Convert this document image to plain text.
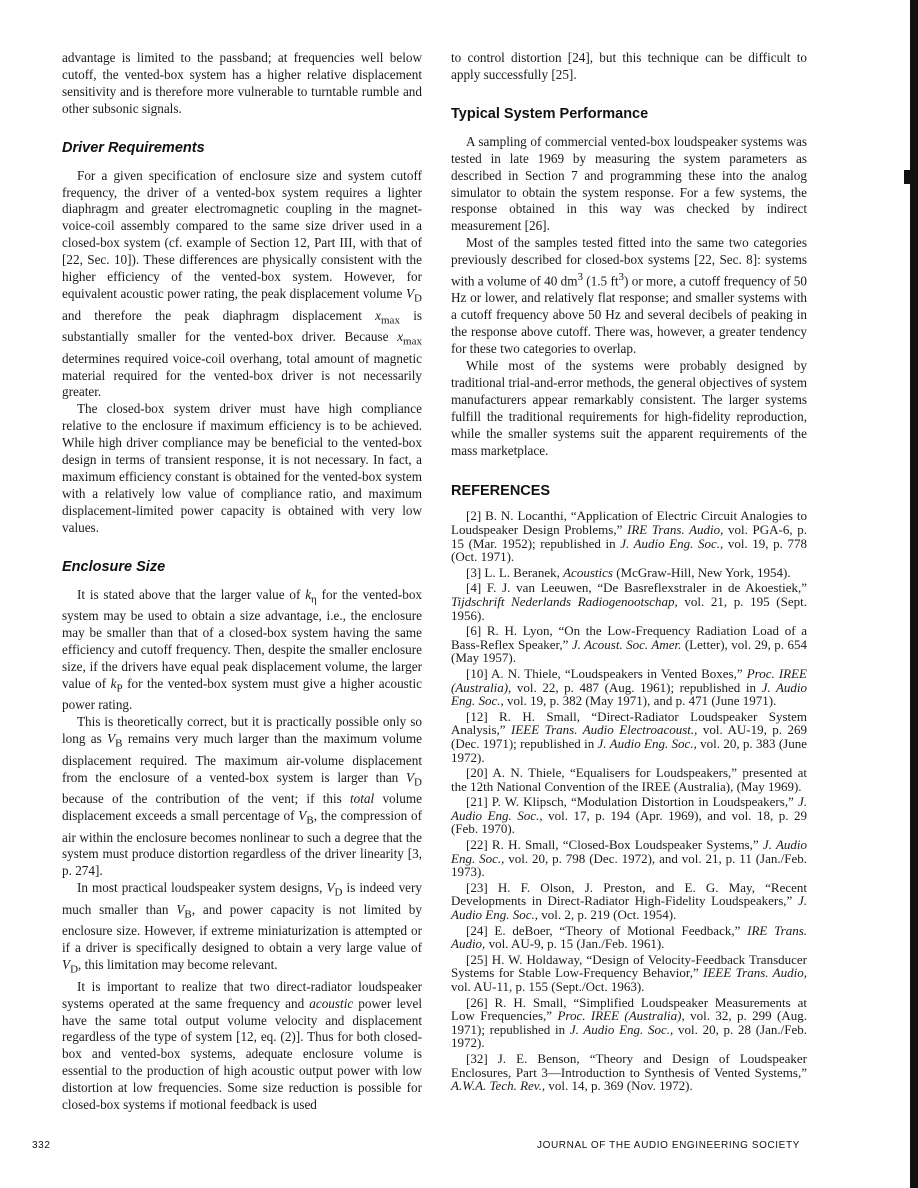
advantage is limited to the passband; at frequencies well below cutoff, the vented-box system has a higher relative displacement sensitivity and is therefore more vulnerable to turntable rumble and other subsonic signals.

Driver Requirements

For a given specification of enclosure size and system cutoff frequency, the driver of a vented-box system requires a lighter diaphragm and greater electromagnetic coupling in the magnet-voice-coil assembly compared to the same size driver used in a closed-box system (cf. example of Section 12, Part III, with that of [22, Sec. 10]). These differences are physically consistent with the higher efficiency of the vented-box system. However, for equivalent acoustic power rating, the peak displacement volume $V_D$ and therefore the peak diaphragm displacement $x_{max}$ is substantially smaller for the vented-box driver. Because $x_{max}$ determines required voice-coil overhang, total amount of magnetic material required for the vented-box driver is not necessarily greater.

The closed-box system driver must have high compliance relative to the enclosure if maximum efficiency is to be achieved. While high driver compliance may be beneficial to the vented-box design in terms of transient response, it is not necessary. In fact, a maximum efficiency constant is obtained for the vented-box system with a relatively low value of compliance ratio, and maximum displacement-limited power capacity is obtained with very low values.

Enclosure Size

It is stated above that the larger value of $k_\eta$ for the vented-box system may be used to obtain a size advantage, i.e., the enclosure may be smaller than that of a closed-box system having the same efficiency and cutoff frequency. Then, despite the smaller enclosure size, if the drivers have equal peak displacement volume, the larger value of $k_P$ for the vented-box system must give a higher acoustic power rating.

This is theoretically correct, but it is practically possible only so long as $V_B$ remains very much larger than the maximum volume displacement required. The maximum air-volume displacement from the enclosure of a vented-box system is larger than $V_D$ because of the contribution of the vent; if this total volume displacement exceeds a small percentage of $V_B$, the compression of air within the enclosure becomes nonlinear to such a degree that the system must produce distortion regardless of the driver linearity [3, p. 274].

In most practical loudspeaker system designs, $V_D$ is indeed very much smaller than $V_B$, and power capacity is not limited by enclosure size. However, if extreme miniaturization is attempted or if a driver is specifically designed to obtain a very large value of $V_D$, this limitation may become relevant.

It is important to realize that two direct-radiator loudspeaker systems operated at the same frequency and acoustic power level have the same total output volume velocity and displacement regardless of the type of system [12, eq. (2)]. Thus for both closed-box and vented-box systems, adequate enclosure volume is essential to the production of high acoustic output power with low distortion at low frequencies. Some size reduction is possible for closed-box systems if motional feedback is used

to control distortion [24], but this technique can be difficult to apply successfully [25].

Typical System Performance

A sampling of commercial vented-box loudspeaker systems was tested in late 1969 by measuring the system parameters as described in Section 7 and programming these into the analog simulator to obtain the system response. For a few systems, the response obtained in this way was checked by indirect measurement [26].

Most of the samples tested fitted into the same two categories previously described for closed-box systems [22, Sec. 8]: systems with a volume of 40 $dm^3$ (1.5 $ft^3$) or more, a cutoff frequency of 50 Hz or lower, and relatively flat response; and smaller systems with a cutoff frequency above 50 Hz and several decibels of peaking in the response above cutoff. There was, however, a greater tendency for these two categories to overlap.

While most of the systems were probably designed by traditional trial-and-error methods, the general objectives of system manufacturers appear remarkably consistent. The larger systems fulfill the traditional requirements for high-fidelity reproduction, while the smaller systems suit the apparent requirements of the mass marketplace.

REFERENCES

[2] B. N. Locanthi, “Application of Electric Circuit Analogies to Loudspeaker Design Problems,” IRE Trans. Audio, vol. PGA-6, p. 15 (Mar. 1952); republished in J. Audio Eng. Soc., vol. 19, p. 778 (Oct. 1971).

[3] L. L. Beranek, Acoustics (McGraw-Hill, New York, 1954).

[4] F. J. van Leeuwen, “De Basreflexstraler in de Akoestiek,” Tijdschrift Nederlands Radiogenootschap, vol. 21, p. 195 (Sept. 1956).

[6] R. H. Lyon, “On the Low-Frequency Radiation Load of a Bass-Reflex Speaker,” J. Acoust. Soc. Amer. (Letter), vol. 29, p. 654 (May 1957).

[10] A. N. Thiele, “Loudspeakers in Vented Boxes,” Proc. IREE (Australia), vol. 22, p. 487 (Aug. 1961); republished in J. Audio Eng. Soc., vol. 19, p. 382 (May 1971), and p. 471 (June 1971).

[12] R. H. Small, “Direct-Radiator Loudspeaker System Analysis,” IEEE Trans. Audio Electroacoust., vol. AU-19, p. 269 (Dec. 1971); republished in J. Audio Eng. Soc., vol. 20, p. 383 (June 1972).

[20] A. N. Thiele, “Equalisers for Loudspeakers,” presented at the 12th National Convention of the IREE (Australia), (May 1969).

[21] P. W. Klipsch, “Modulation Distortion in Loudspeakers,” J. Audio Eng. Soc., vol. 17, p. 194 (Apr. 1969), and vol. 18, p. 29 (Feb. 1970).

[22] R. H. Small, “Closed-Box Loudspeaker Systems,” J. Audio Eng. Soc., vol. 20, p. 798 (Dec. 1972), and vol. 21, p. 11 (Jan./Feb. 1973).

[23] H. F. Olson, J. Preston, and E. G. May, “Recent Developments in Direct-Radiator High-Fidelity Loudspeakers,” J. Audio Eng. Soc., vol. 2, p. 219 (Oct. 1954).

[24] E. deBoer, “Theory of Motional Feedback,” IRE Trans. Audio, vol. AU-9, p. 15 (Jan./Feb. 1961).

[25] H. W. Holdaway, “Design of Velocity-Feedback Transducer Systems for Stable Low-Frequency Behavior,” IEEE Trans. Audio, vol. AU-11, p. 155 (Sept./Oct. 1963).

[26] R. H. Small, “Simplified Loudspeaker Measurements at Low Frequencies,” Proc. IREE (Australia), vol. 32, p. 299 (Aug. 1971); republished in J. Audio Eng. Soc., vol. 20, p. 28 (Jan./Feb. 1972).

[32] J. E. Benson, “Theory and Design of Loudspeaker Enclosures, Part 3—Introduction to Synthesis of Vented Systems,” A.W.A. Tech. Rev., vol. 14, p. 369 (Nov. 1972).

332	JOURNAL OF THE AUDIO ENGINEERING SOCIETY
